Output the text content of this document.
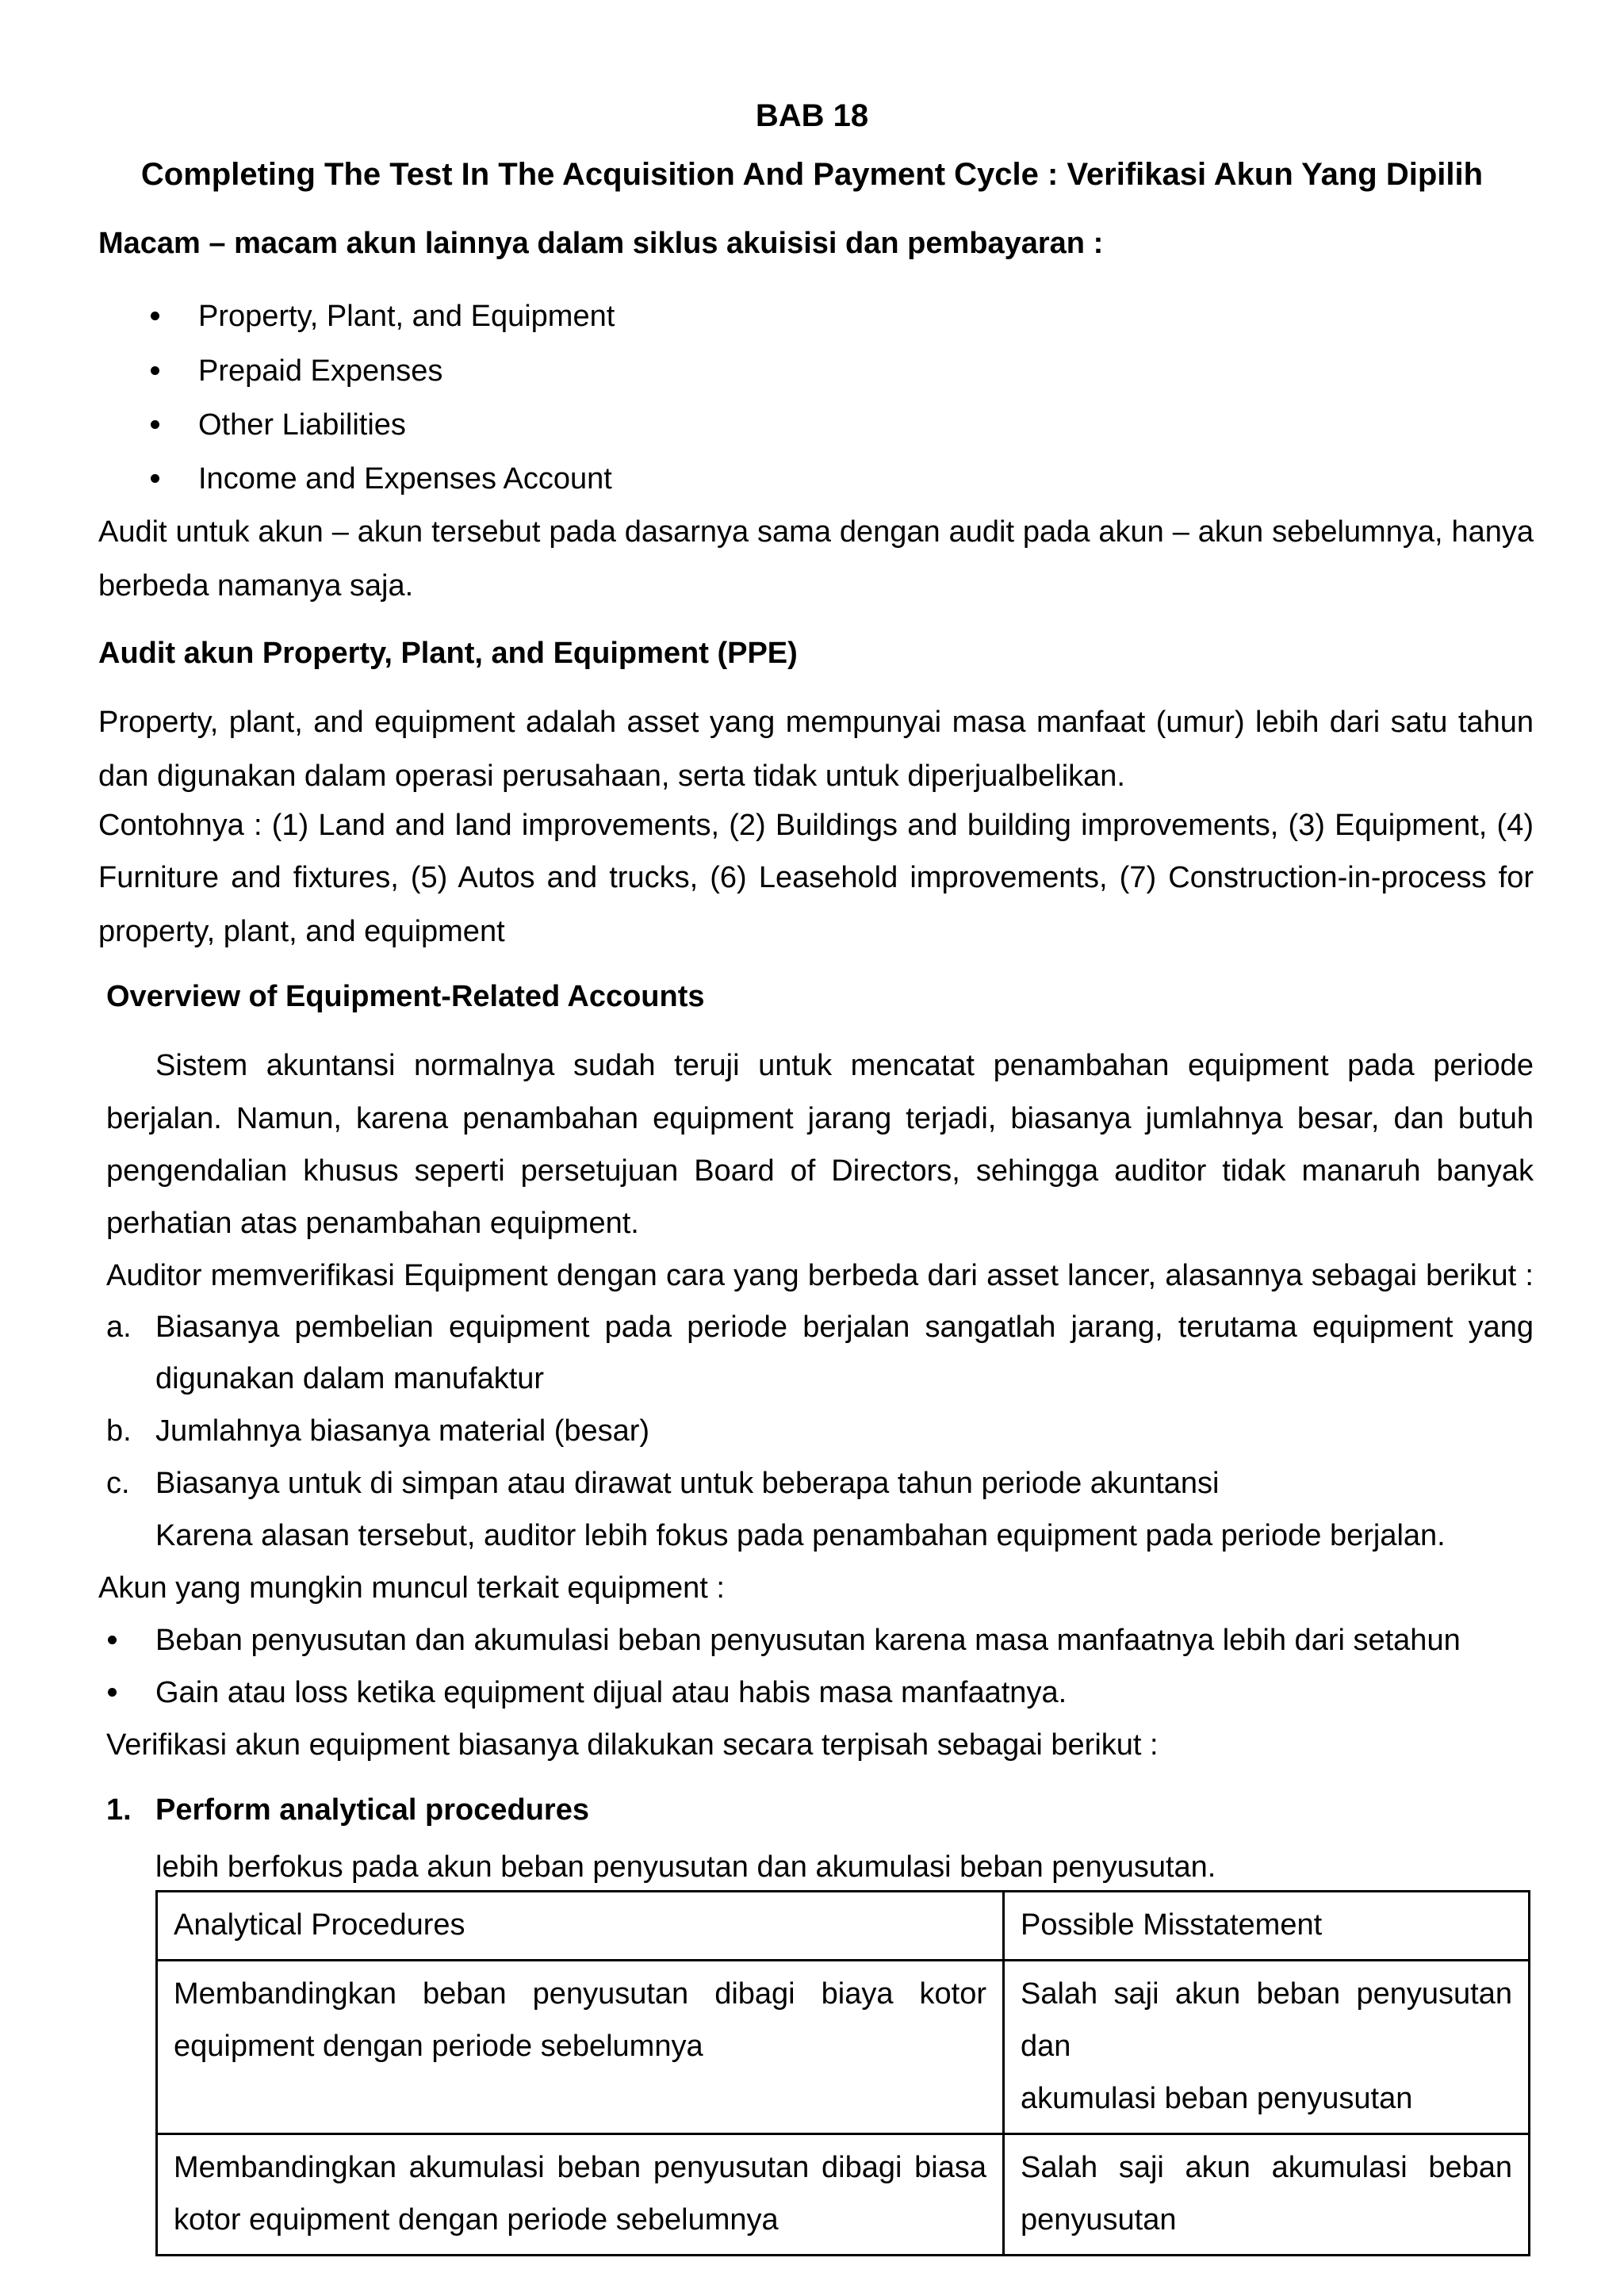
BAB 18
Completing The Test In The Acquisition And Payment Cycle : Verifikasi Akun Yang Dipilih
Macam – macam akun lainnya dalam siklus akuisisi dan pembayaran :
Property, Plant, and Equipment
Prepaid Expenses
Other Liabilities
Income and Expenses Account
Audit untuk akun – akun tersebut pada dasarnya sama dengan audit pada akun – akun sebelumnya, hanya
berbeda namanya saja.
Audit akun Property, Plant, and Equipment (PPE)
Property, plant, and equipment adalah asset yang mempunyai masa manfaat (umur) lebih dari satu tahun
dan digunakan dalam operasi perusahaan, serta tidak untuk diperjualbelikan.
Contohnya : (1) Land and land improvements, (2) Buildings and building improvements, (3) Equipment, (4)
Furniture and fixtures, (5) Autos and trucks, (6) Leasehold improvements, (7) Construction-in-process for
property, plant, and equipment
Overview of Equipment-Related Accounts
Sistem akuntansi normalnya sudah teruji untuk mencatat penambahan equipment pada periode
berjalan. Namun, karena penambahan equipment jarang terjadi, biasanya jumlahnya besar, dan butuh
pengendalian khusus seperti persetujuan Board of Directors, sehingga auditor tidak manaruh banyak
perhatian atas penambahan equipment.
Auditor memverifikasi Equipment dengan cara yang berbeda dari asset lancer, alasannya sebagai berikut :
a. Biasanya pembelian equipment pada periode berjalan sangatlah jarang, terutama equipment yang
digunakan dalam manufaktur
b. Jumlahnya biasanya material (besar)
c. Biasanya untuk di simpan atau dirawat untuk beberapa tahun periode akuntansi
Karena alasan tersebut, auditor lebih fokus pada penambahan equipment pada periode berjalan.
Akun yang mungkin muncul terkait equipment :
Beban penyusutan dan akumulasi beban penyusutan karena masa manfaatnya lebih dari setahun
Gain atau loss ketika equipment dijual atau habis masa manfaatnya.
Verifikasi akun equipment biasanya dilakukan secara terpisah sebagai berikut :
1. Perform analytical procedures
lebih berfokus pada akun beban penyusutan dan akumulasi beban penyusutan.
Analytical Procedures	Possible Misstatement

Membandingkan beban penyusutan dibagi biaya kotor
equipment dengan periode sebelumnya	Salah saji akun beban penyusutan dan
akumulasi beban penyusutan

Membandingkan akumulasi beban penyusutan dibagi biasa
kotor equipment dengan periode sebelumnya	Salah saji akun akumulasi beban
penyusutan
